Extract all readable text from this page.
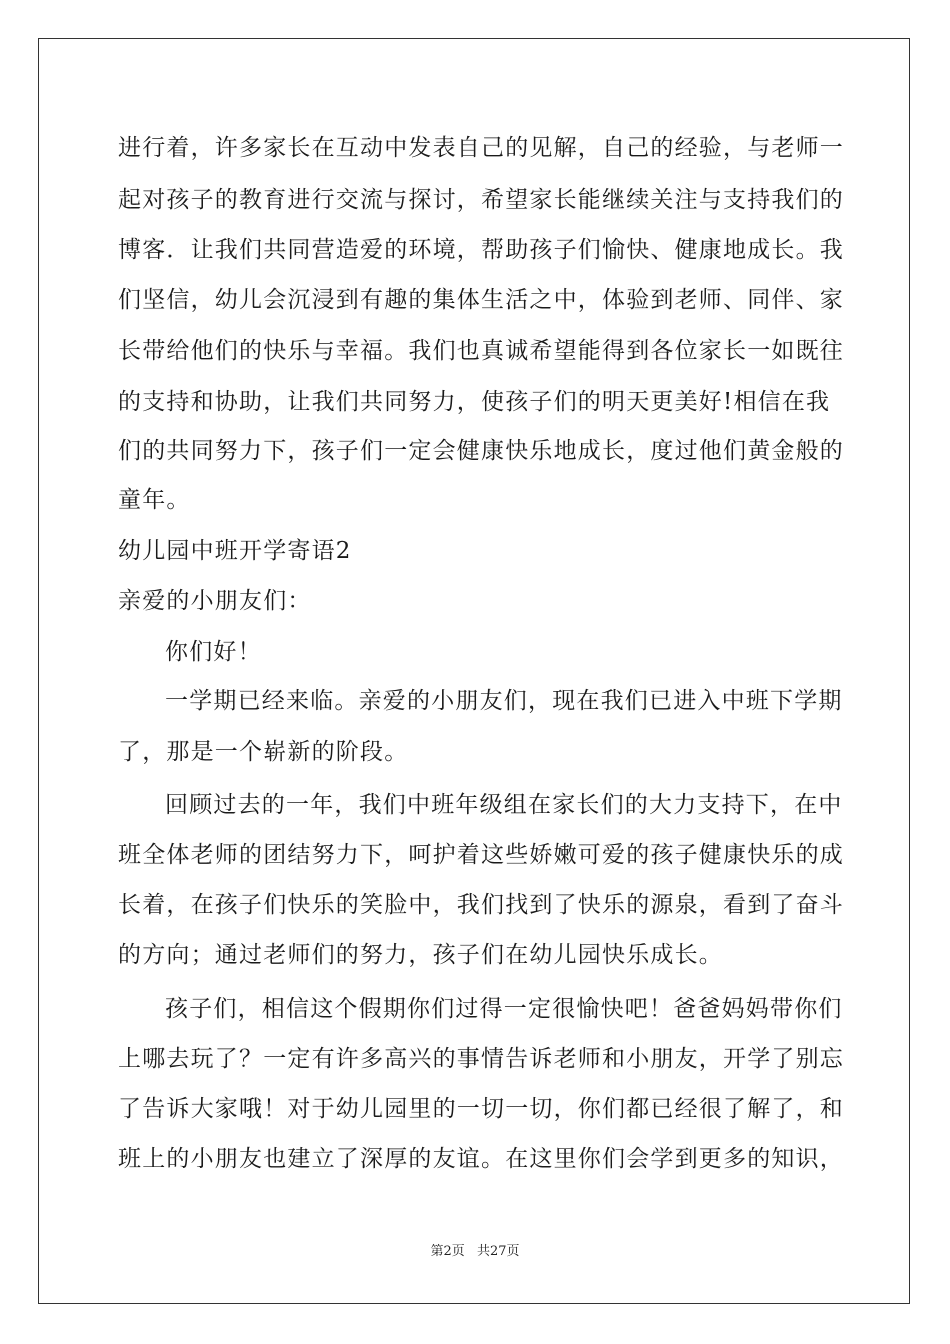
进行着，许多家长在互动中发表自己的见解，自己的经验，与老师一
起对孩子的教育进行交流与探讨，希望家长能继续关注与支持我们的
博客．让我们共同营造爱的环境，帮助孩子们愉快、健康地成长。我
们坚信，幼儿会沉浸到有趣的集体生活之中，体验到老师、同伴、家
长带给他们的快乐与幸福。我们也真诚希望能得到各位家长一如既往
的支持和协助，让我们共同努力，使孩子们的明天更美好!相信在我
们的共同努力下，孩子们一定会健康快乐地成长，度过他们黄金般的
童年。
幼儿园中班开学寄语2
亲爱的小朋友们：
你们好！
一学期已经来临。亲爱的小朋友们，现在我们已进入中班下学期
了，那是一个崭新的阶段。
回顾过去的一年，我们中班年级组在家长们的大力支持下，在中
班全体老师的团结努力下，呵护着这些娇嫩可爱的孩子健康快乐的成
长着，在孩子们快乐的笑脸中，我们找到了快乐的源泉，看到了奋斗
的方向；通过老师们的努力，孩子们在幼儿园快乐成长。
孩子们，相信这个假期你们过得一定很愉快吧！爸爸妈妈带你们
上哪去玩了？一定有许多高兴的事情告诉老师和小朋友，开学了别忘
了告诉大家哦！对于幼儿园里的一切一切，你们都已经很了解了，和
班上的小朋友也建立了深厚的友谊。在这里你们会学到更多的知识，
第2页 共27页
